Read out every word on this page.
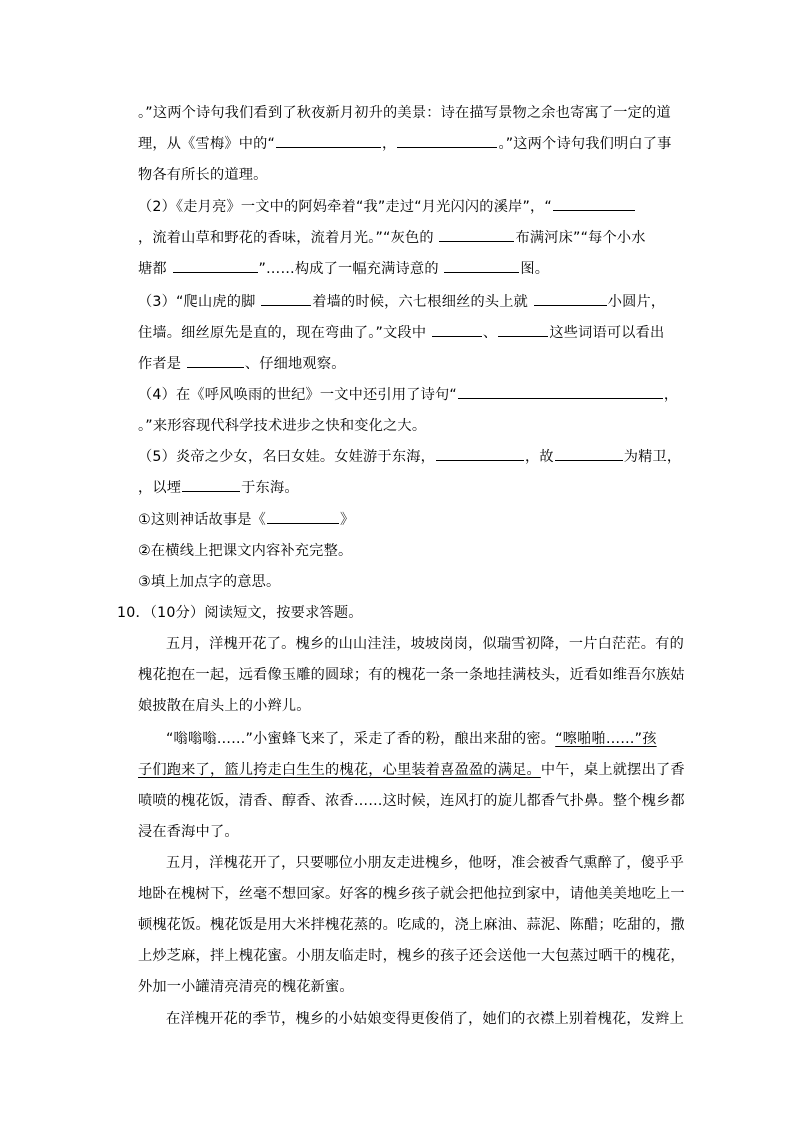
。”这两个诗句我们看到了秋夜新月初升的美景：诗在描写景物之余也寄寓了一定的道
理，从《雪梅》中的“	，	。”这两个诗句我们明白了事
物各有所长的道理。
（2）《走月亮》一文中的阿妈牵着“我”走过“月光闪闪的溪岸”，“
，流着山草和野花的香味，流着月光。”“灰色的	布满河床”“每个小水
塘都	”……构成了一幅充满诗意的	图。
（3）“爬山虎的脚	着墙的时候，六七根细丝的头上就	小圆片，
住墙。细丝原先是直的，现在弯曲了。”文段中	、	这些词语可以看出
作者是	、仔细地观察。
（4）在《呼风唤雨的世纪》一文中还引用了诗句“	，
。”来形容现代科学技术进步之快和变化之大。
（5）炎帝之少女，名曰女娃。女娃游于东海，	，故	为精卫，
，以堙	于东海。
①这则神话故事是《	》
②在横线上把课文内容补充完整。
③填上加点字的意思。
10．（10分）阅读短文，按要求答题。
五月，洋槐开花了。槐乡的山山洼洼，坡坡岗岗，似瑞雪初降，一片白茫茫。有的
槐花抱在一起，远看像玉雕的圆球；有的槐花一条一条地挂满枝头，近看如维吾尔族姑
娘披散在肩头上的小辫儿。
“嗡嗡嗡……”小蜜蜂飞来了，采走了香的粉，酿出来甜的密。“嚓啪啪……”孩
子们跑来了，篮儿挎走白生生的槐花，心里装着喜盈盈的满足。中午，桌上就摆出了香
喷喷的槐花饭，清香、醇香、浓香……这时候，连风打的旋儿都香气扑鼻。整个槐乡都
浸在香海中了。
五月，洋槐花开了，只要哪位小朋友走进槐乡，他呀，准会被香气熏醉了，傻乎乎
地卧在槐树下，丝毫不想回家。好客的槐乡孩子就会把他拉到家中，请他美美地吃上一
顿槐花饭。槐花饭是用大米拌槐花蒸的。吃咸的，浇上麻油、蒜泥、陈醋；吃甜的，撒
上炒芝麻，拌上槐花蜜。小朋友临走时，槐乡的孩子还会送他一大包蒸过晒干的槐花，
外加一小罐清亮清亮的槐花新蜜。
在洋槐开花的季节，槐乡的小姑娘变得更俊俏了，她们的衣襟上别着槐花，发辫上
